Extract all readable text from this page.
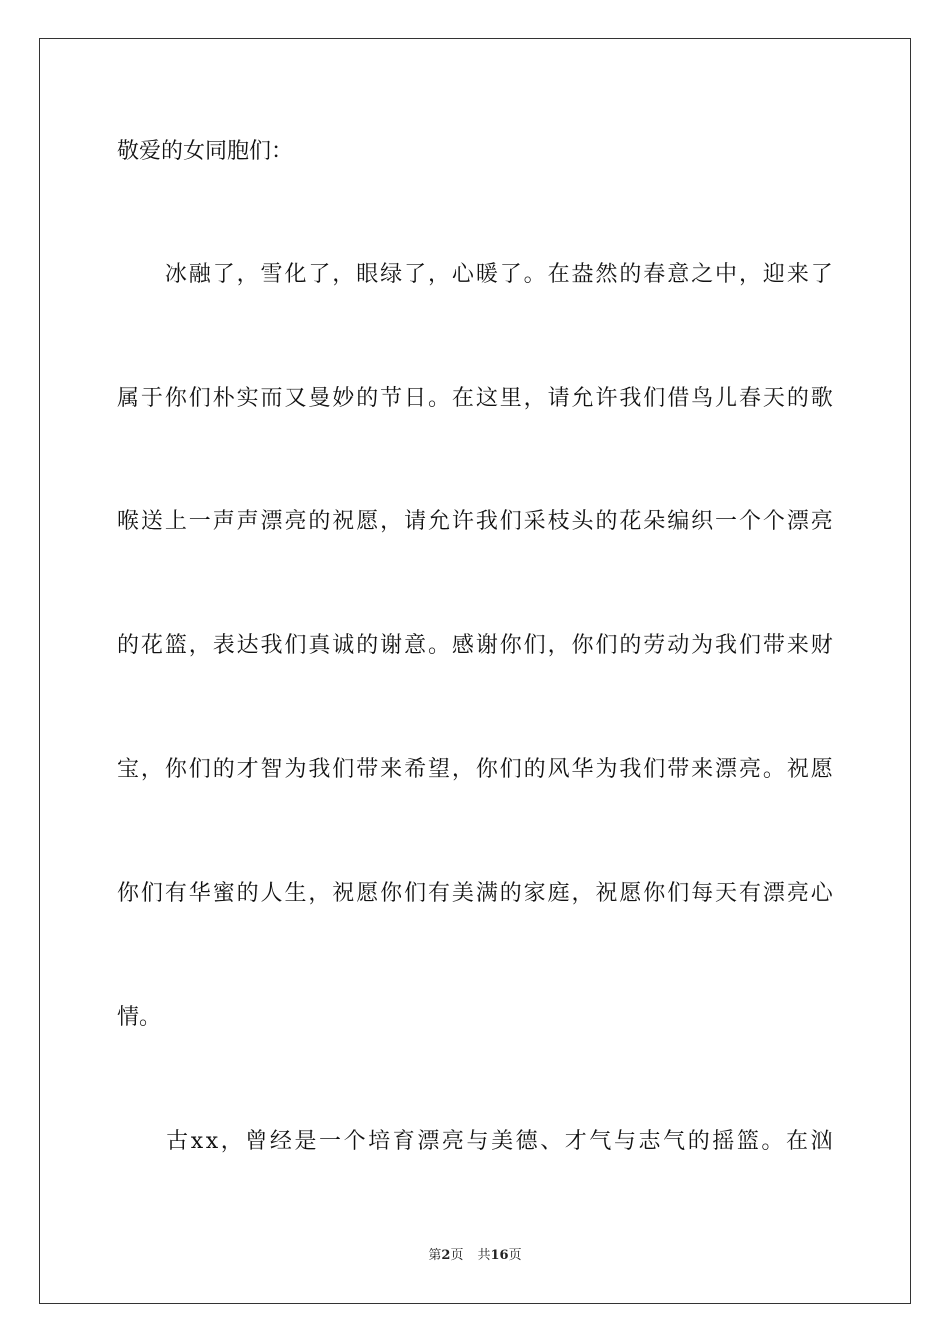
敬爱的女同胞们：

冰 融 了 ， 雪 化 了 ， 眼 绿 了 ， 心 暖 了 。 在 盎 然 的 春 意 之 中 ， 迎 来 了
属 于 你 们 朴 实 而 又 曼 妙 的 节 日 。 在 这 里 ， 请 允 许 我 们 借 鸟 儿 春 天 的 歌
喉 送 上 一 声 声 漂 亮 的 祝 愿 ， 请 允 许 我 们 采 枝 头 的 花 朵 编 织 一 个 个 漂 亮
的 花 篮 ， 表 达 我 们 真 诚 的 谢 意 。 感 谢 你 们 ， 你 们 的 劳 动 为 我 们 带 来 财
宝 ， 你 们 的 才 智 为 我 们 带 来 希 望 ， 你 们 的 风 华 为 我 们 带 来 漂 亮 。 祝 愿
你 们 有 华 蜜 的 人 生 ， 祝 愿 你 们 有 美 满 的 家 庭 ， 祝 愿 你 们 每 天 有 漂 亮 心
情。

古 x x ， 曾 经 是 一 个 培 育 漂 亮 与 美 德 、 才 气 与 志 气 的 摇 篮 。 在 汹
第2页 共16页
